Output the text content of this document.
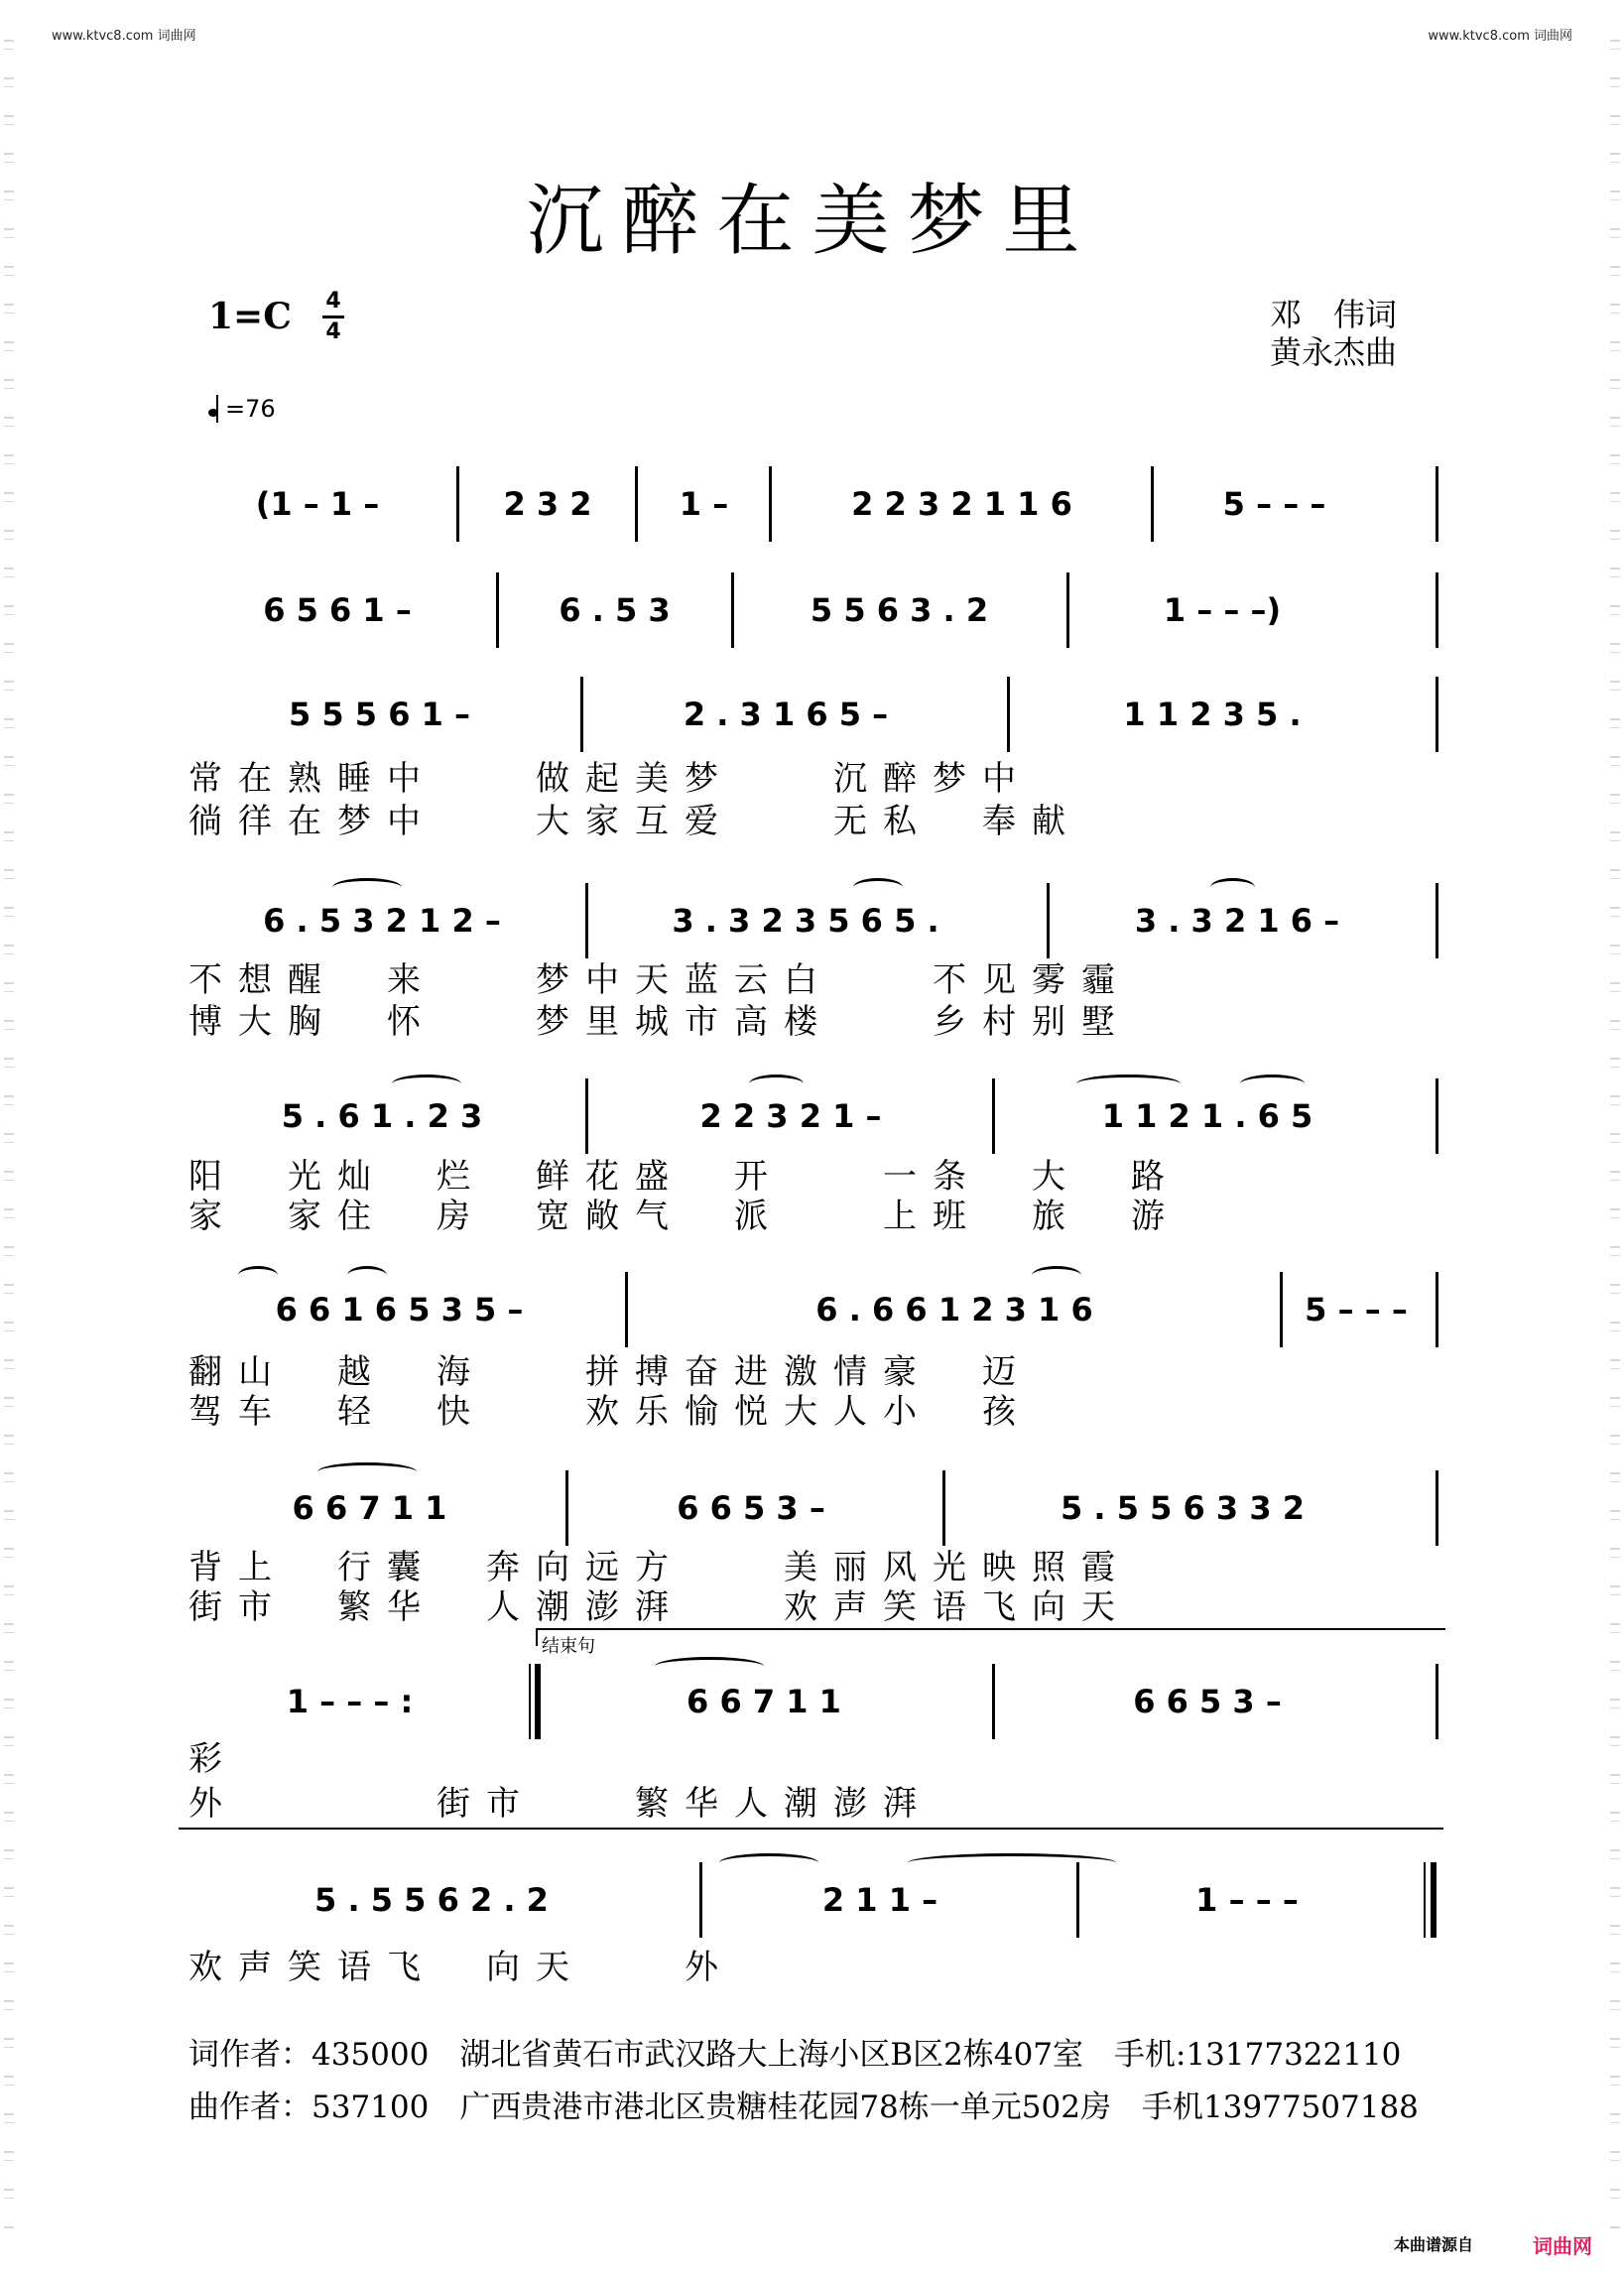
www.ktvc8.com 词曲网	www.ktvc8.com 词曲网
沉醉在美梦里
1=C 4
4
=76
邓　伟词
黄永杰曲
(1 – 1 –	2 3 2	1 –	2 2 3 2 1 1 6	5 – – –
6 5 6 1 –	6 . 5 3	5 5 6 3 . 2	1 – – –)
5 5 5 6 1 –	2 . 3 1 6 5 –	1 1 2 3 5 .
常在熟睡中　　做起美梦　　沉醉梦中
徜徉在梦中　　大家互爱　　无私　奉献
6 . 5 3 2 1 2 –	3 . 3 2 3 5 6 5 .	3 . 3 2 1 6 –
不想醒　来　　梦中天蓝云白　　不见雾霾
博大胸　怀　　梦里城市高楼　　乡村别墅
5 . 6 1 . 2 3	2 2 3 2 1 –	1 1 2 1 . 6 5
阳　光灿　烂　鲜花盛　开　　一条　大　路
家　家住　房　宽敞气　派　　上班　旅　游
6 6 1 6 5 3 5 –	6 . 6 6 1 2 3 1 6	5 – – –
翻山　越　海　　拼搏奋进激情豪　迈
驾车　轻　快　　欢乐愉悦大人小　孩
6 6 7 1 1	6 6 5 3 –	5 . 5 5 6 3 3 2
背上　行囊　奔向远方　　美丽风光映照霞
街市　繁华　人潮澎湃　　欢声笑语飞向天
结束句
1 – – – :	6 6 7 1 1	6 6 5 3 –
彩
外　　　　街市　　繁华人潮澎湃
5 . 5 5 6 2 . 2	2 1 1 –	1 – – –
欢声笑语飞　向天　　外
词作者：435000　湖北省黄石市武汉路大上海小区B区2栋407室　手机:13177322110
曲作者：537100　广西贵港市港北区贵糖桂花园78栋一单元502房　手机13977507188
本曲谱源自	词曲网
